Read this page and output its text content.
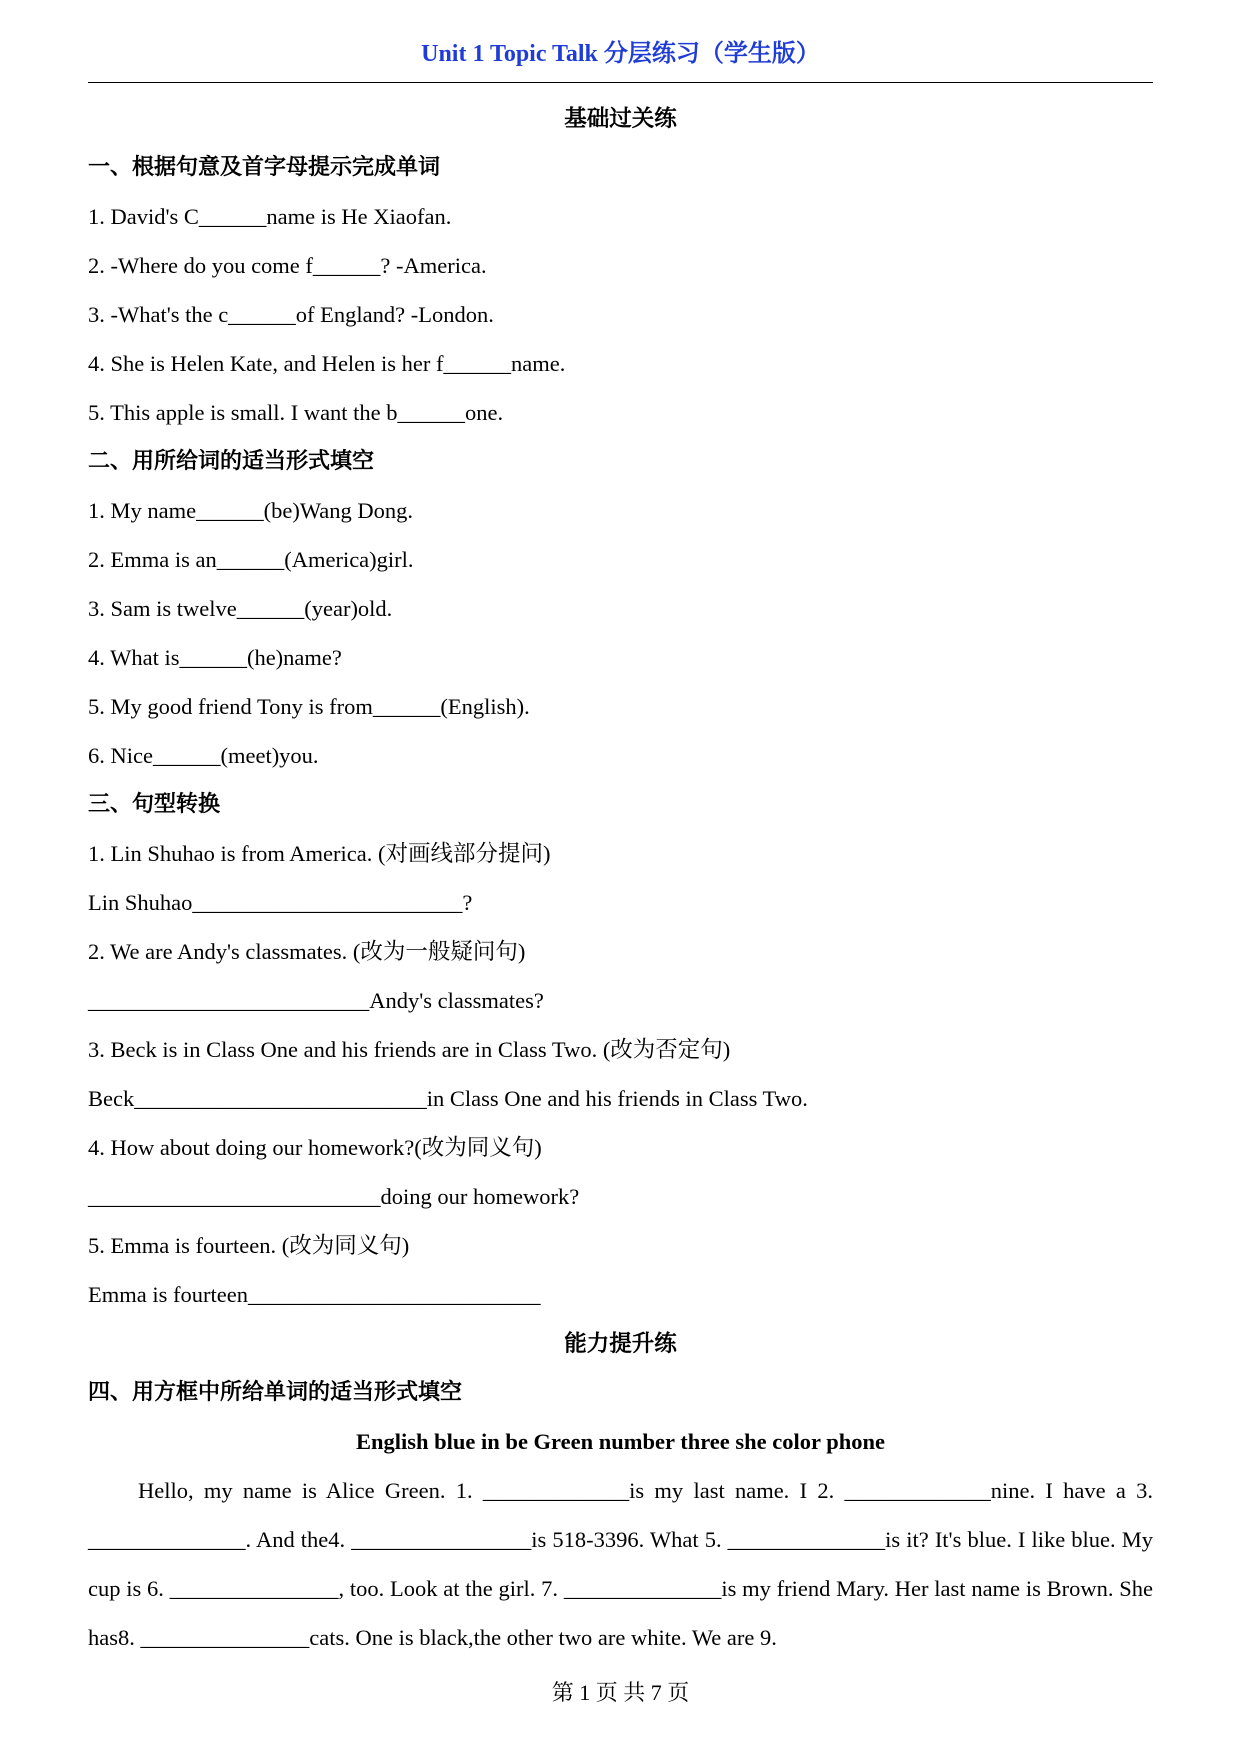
Unit 1 Topic Talk 分层练习（学生版）
基础过关练
一、根据句意及首字母提示完成单词
1. David's C______name is He Xiaofan.
2. -Where do you come f______? -America.
3. -What's the c______of England? -London.
4. She is Helen Kate, and Helen is her f______name.
5. This apple is small. I want the b______one.
二、用所给词的适当形式填空
1. My name______(be)Wang Dong.
2. Emma is an______(America)girl.
3. Sam is twelve______(year)old.
4. What is______(he)name?
5. My good friend Tony is from______(English).
6. Nice______(meet)you.
三、句型转换
1. Lin Shuhao is from America. (对画线部分提问)
Lin Shuhao________________________?
2. We are Andy's classmates. (改为一般疑问句)
_________________________Andy's classmates?
3. Beck is in Class One and his friends are in Class Two. (改为否定句)
Beck__________________________in Class One and his friends in Class Two.
4. How about doing our homework?(改为同义句)
__________________________doing our homework?
5. Emma is fourteen. (改为同义句)
Emma is fourteen__________________________
能力提升练
四、用方框中所给单词的适当形式填空
English blue in be Green number three she color phone
Hello, my name is Alice Green. 1. _____________is my last name. I 2. _____________nine. I have a 3. ______________. And the4. ________________is 518-3396. What 5. ______________is it? It's blue. I like blue. My cup is 6. _______________, too. Look at the girl. 7. ______________is my friend Mary. Her last name is Brown. She has8. _______________cats. One is black,the other two are white. We are 9.
第 1 页 共 7 页
